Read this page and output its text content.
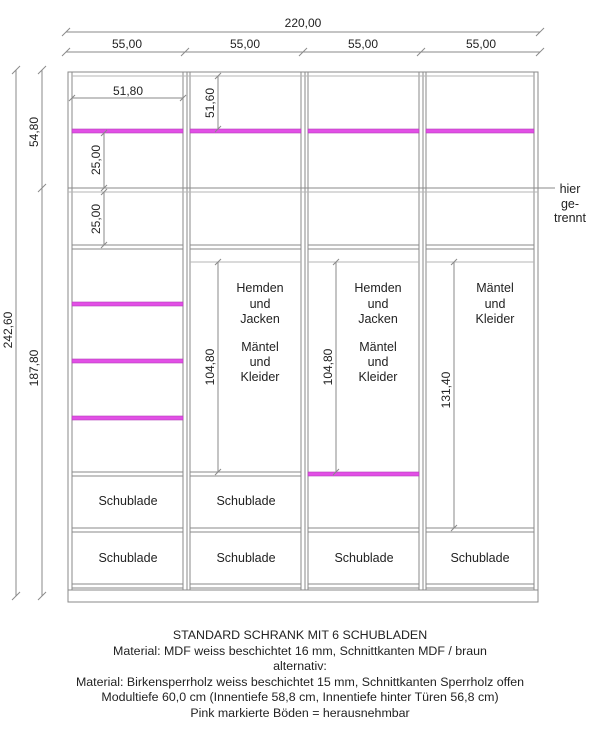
220,00
55,00	55,00	55,00	55,00
242,60
54,80
187,80
51,80	51,60
25,00
25,00
104,80	104,80
131,40
hier
ge-
trennt
Hemden
und
Jacken
Mäntel
und
Kleider
Hemden
und
Jacken
Mäntel
und
Kleider
Mäntel
und
Kleider
Schublade
Schublade
Schublade
Schublade	Schublade	Schublade
STANDARD SCHRANK MIT 6 SCHUBLADEN
Material: MDF weiss beschichtet 16 mm, Schnittkanten MDF / braun
alternativ:
Material: Birkensperrholz weiss beschichtet 15 mm, Schnittkanten Sperrholz offen
Modultiefe 60,0 cm (Innentiefe 58,8 cm, Innentiefe hinter Türen 56,8 cm)
Pink markierte Böden = herausnehmbar
